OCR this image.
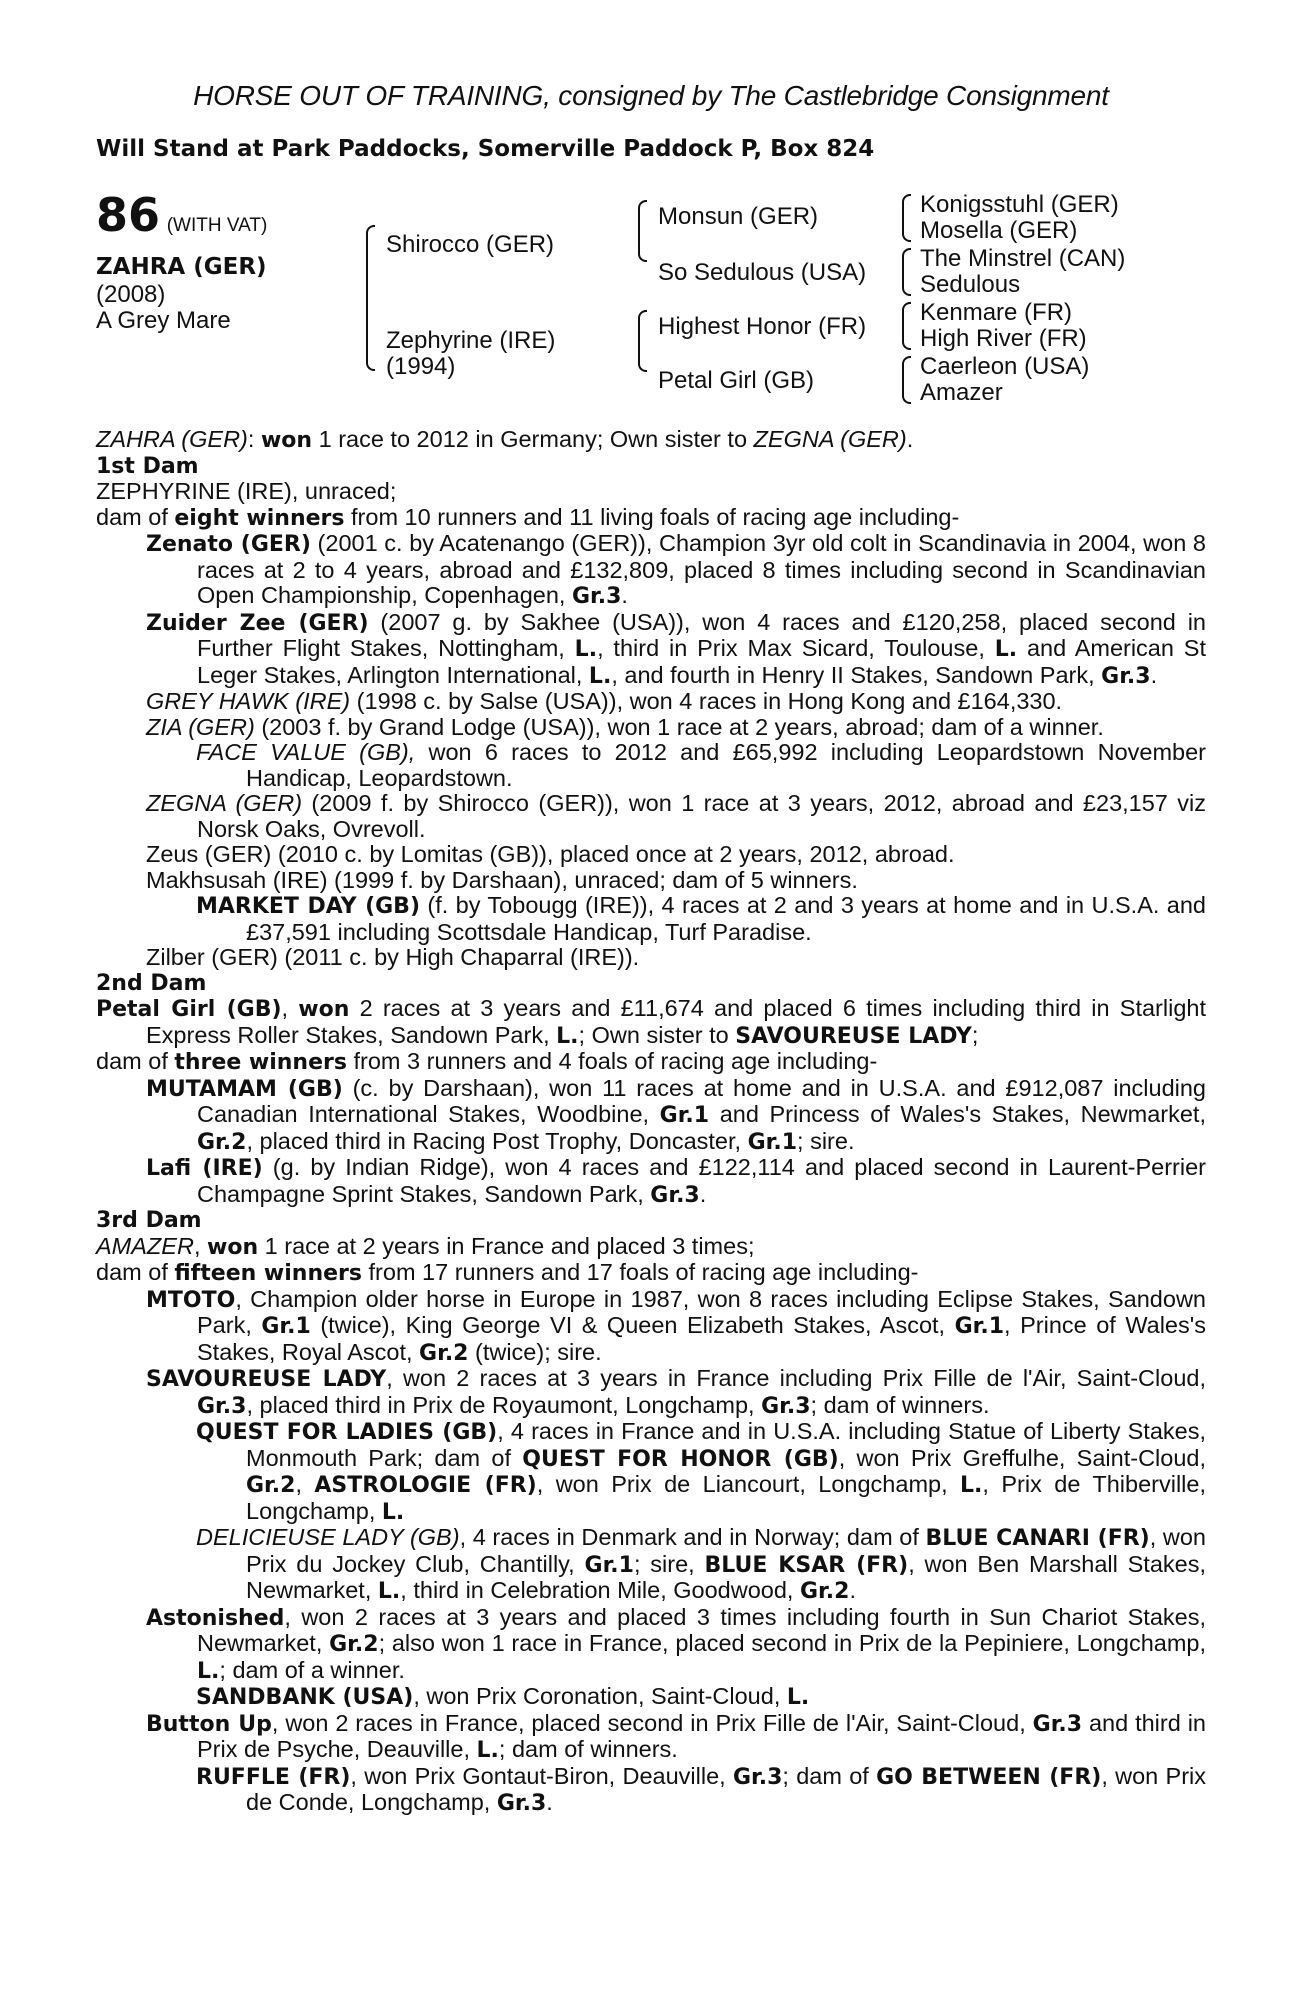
HORSE OUT OF TRAINING, consigned by The Castlebridge Consignment
Will Stand at Park Paddocks, Somerville Paddock P, Box 824
86 (WITH VAT)
ZAHRA (GER)
(2008)
A Grey Mare
Shirocco (GER)
Zephyrine (IRE)
(1994)
Monsun (GER)
So Sedulous (USA)
Highest Honor (FR)
Petal Girl (GB)
Konigsstuhl (GER)
Mosella (GER)
The Minstrel (CAN)
Sedulous
Kenmare (FR)
High River (FR)
Caerleon (USA)
Amazer

ZAHRA (GER): won 1 race to 2012 in Germany; Own sister to ZEGNA (GER).

1st Dam

ZEPHYRINE (IRE), unraced;

dam of eight winners from 10 runners and 11 living foals of racing age including-

Zenato (GER) (2001 c. by Acatenango (GER)), Champion 3yr old colt in Scandinavia in 2004, won 8 races at 2 to 4 years, abroad and £132,809, placed 8 times including second in Scandinavian Open Championship, Copenhagen, Gr.3.

Zuider Zee (GER) (2007 g. by Sakhee (USA)), won 4 races and £120,258, placed second in Further Flight Stakes, Nottingham, L., third in Prix Max Sicard, Toulouse, L. and American St Leger Stakes, Arlington International, L., and fourth in Henry II Stakes, Sandown Park, Gr.3.

GREY HAWK (IRE) (1998 c. by Salse (USA)), won 4 races in Hong Kong and £164,330.

ZIA (GER) (2003 f. by Grand Lodge (USA)), won 1 race at 2 years, abroad; dam of a winner.

FACE VALUE (GB), won 6 races to 2012 and £65,992 including Leopardstown November Handicap, Leopardstown.

ZEGNA (GER) (2009 f. by Shirocco (GER)), won 1 race at 3 years, 2012, abroad and £23,157 viz Norsk Oaks, Ovrevoll.

Zeus (GER) (2010 c. by Lomitas (GB)), placed once at 2 years, 2012, abroad.

Makhsusah (IRE) (1999 f. by Darshaan), unraced; dam of 5 winners.

MARKET DAY (GB) (f. by Tobougg (IRE)), 4 races at 2 and 3 years at home and in U.S.A. and £37,591 including Scottsdale Handicap, Turf Paradise.

Zilber (GER) (2011 c. by High Chaparral (IRE)).

2nd Dam

Petal Girl (GB), won 2 races at 3 years and £11,674 and placed 6 times including third in Starlight Express Roller Stakes, Sandown Park, L.; Own sister to SAVOUREUSE LADY;

dam of three winners from 3 runners and 4 foals of racing age including-

MUTAMAM (GB) (c. by Darshaan), won 11 races at home and in U.S.A. and £912,087 including Canadian International Stakes, Woodbine, Gr.1 and Princess of Wales's Stakes, Newmarket, Gr.2, placed third in Racing Post Trophy, Doncaster, Gr.1; sire.

Lafi (IRE) (g. by Indian Ridge), won 4 races and £122,114 and placed second in Laurent-Perrier Champagne Sprint Stakes, Sandown Park, Gr.3.

3rd Dam

AMAZER, won 1 race at 2 years in France and placed 3 times;

dam of fifteen winners from 17 runners and 17 foals of racing age including-

MTOTO, Champion older horse in Europe in 1987, won 8 races including Eclipse Stakes, Sandown Park, Gr.1 (twice), King George VI & Queen Elizabeth Stakes, Ascot, Gr.1, Prince of Wales's Stakes, Royal Ascot, Gr.2 (twice); sire.

SAVOUREUSE LADY, won 2 races at 3 years in France including Prix Fille de l'Air, Saint-Cloud, Gr.3, placed third in Prix de Royaumont, Longchamp, Gr.3; dam of winners.

QUEST FOR LADIES (GB), 4 races in France and in U.S.A. including Statue of Liberty Stakes, Monmouth Park; dam of QUEST FOR HONOR (GB), won Prix Greffulhe, Saint-Cloud, Gr.2, ASTROLOGIE (FR), won Prix de Liancourt, Longchamp, L., Prix de Thiberville, Longchamp, L.

DELICIEUSE LADY (GB), 4 races in Denmark and in Norway; dam of BLUE CANARI (FR), won Prix du Jockey Club, Chantilly, Gr.1; sire, BLUE KSAR (FR), won Ben Marshall Stakes, Newmarket, L., third in Celebration Mile, Goodwood, Gr.2.

Astonished, won 2 races at 3 years and placed 3 times including fourth in Sun Chariot Stakes, Newmarket, Gr.2; also won 1 race in France, placed second in Prix de la Pepiniere, Longchamp, L.; dam of a winner.

SANDBANK (USA), won Prix Coronation, Saint-Cloud, L.

Button Up, won 2 races in France, placed second in Prix Fille de l'Air, Saint-Cloud, Gr.3 and third in Prix de Psyche, Deauville, L.; dam of winners.

RUFFLE (FR), won Prix Gontaut-Biron, Deauville, Gr.3; dam of GO BETWEEN (FR), won Prix de Conde, Longchamp, Gr.3.
